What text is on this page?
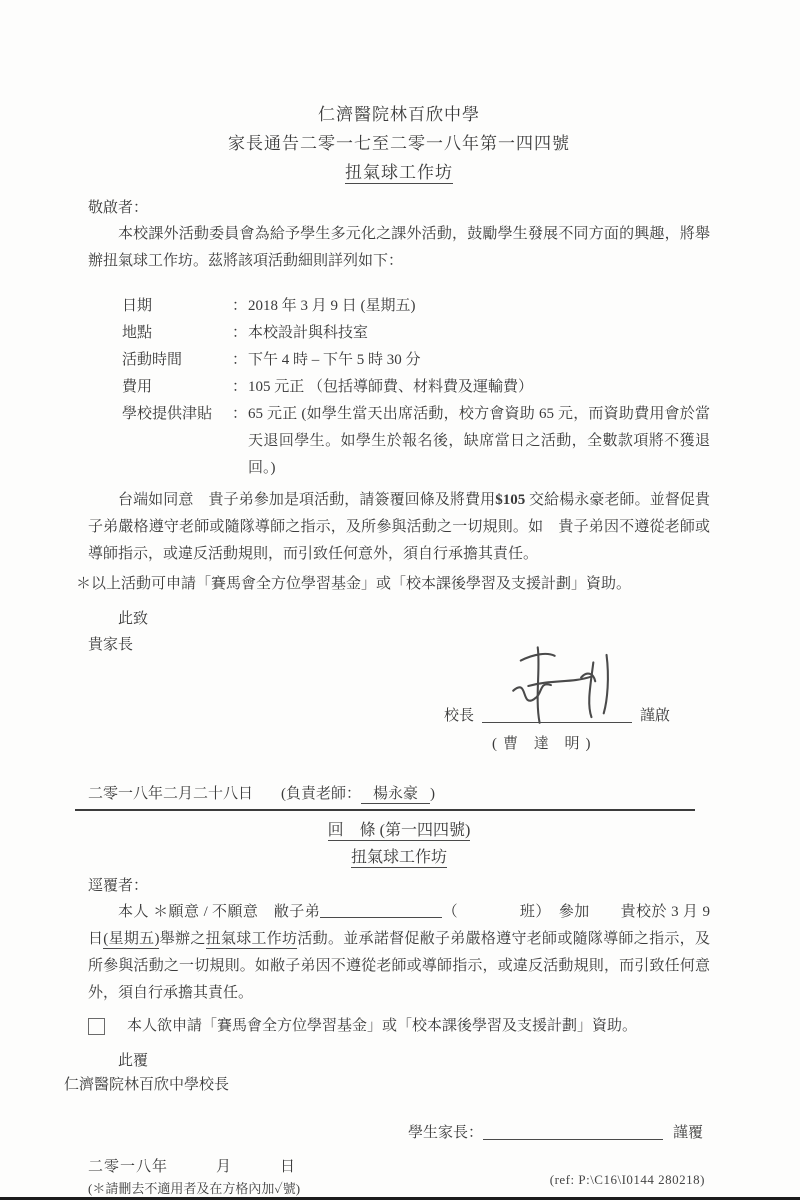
仁濟醫院林百欣中學
家長通告二零一七至二零一八年第一四四號
扭氣球工作坊

敬啟者：

本校課外活動委員會為給予學生多元化之課外活動，鼓勵學生發展不同方面的興趣，將舉辦扭氣球工作坊。茲將該項活動細則詳列如下：

日期	： 2018 年 3 月 9 日 (星期五)
地點	： 本校設計與科技室
活動時間	： 下午 4 時 – 下午 5 時 30 分
費用	： 105 元正 （包括導師費、材料費及運輸費）
學校提供津貼	： 65 元正 (如學生當天出席活動，校方會資助 65 元，而資助費用會於當天退回學生。如學生於報名後，缺席當日之活動，全數款項將不獲退回。)

台端如同意　貴子弟參加是項活動，請簽覆回條及將費用$105 交給楊永豪老師。並督促貴子弟嚴格遵守老師或隨隊導師之指示，及所參與活動之一切規則。如　貴子弟因不遵從老師或導師指示，或違反活動規則，而引致任何意外，須自行承擔其責任。

＊以上活動可申請「賽馬會全方位學習基金」或「校本課後學習及支援計劃」資助。

此致

貴家長

校長	謹啟
(曹 達 明)

二零一八年二月二十八日 (負責老師： 楊永豪 )

回　條 (第一四四號)
扭氣球工作坊

逕覆者：

本人 ＊願意 / 不願意　敝子弟	（　　　　班）　參加　　貴校於 3 月 9 日(星期五)舉辦之扭氣球工作坊活動。並承諾督促敝子弟嚴格遵守老師或隨隊導師之指示，及所參與活動之一切規則。如敝子弟因不遵從老師或導師指示，或違反活動規則，而引致任何意外，須自行承擔其責任。

本人欲申請「賽馬會全方位學習基金」或「校本課後學習及支援計劃」資助。

此覆

仁濟醫院林百欣中學校長

學生家長：	謹覆

二零一八年　　　月　　　日

(＊請刪去不適用者及在方格內加✓號)

(ref: P:\C16\I0144 280218)
